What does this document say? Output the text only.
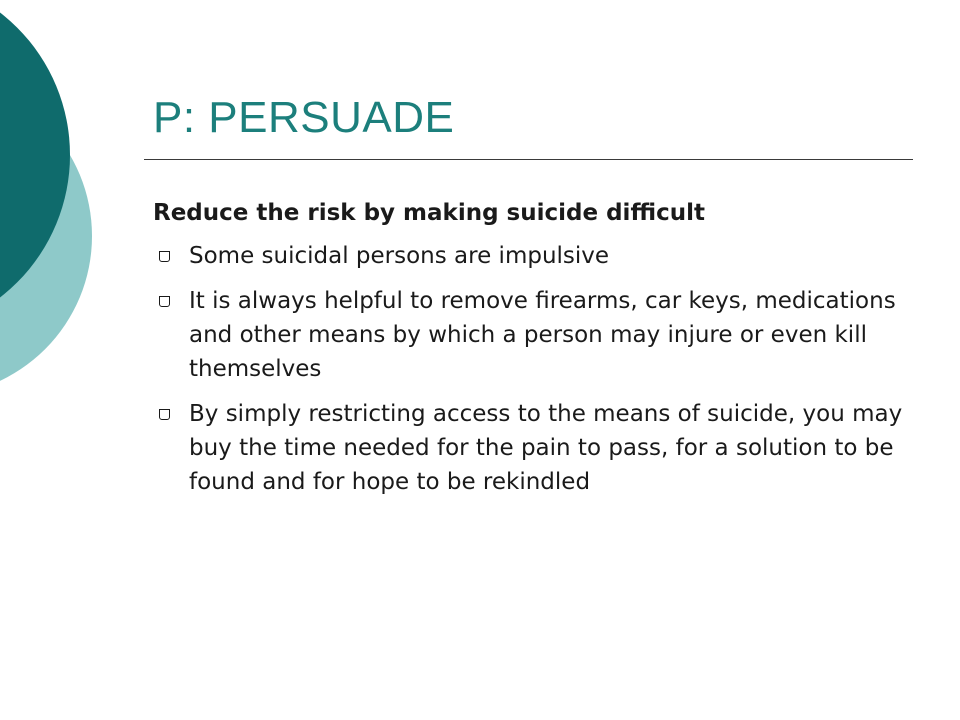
P: PERSUADE

Reduce the risk by making suicide difficult

Some suicidal persons are impulsive
It is always helpful to remove firearms, car keys, medications and other means by which a person may injure or even kill themselves
By simply restricting access to the means of suicide, you may buy the time needed for the pain to pass, for a solution to be found and for hope to be rekindled
